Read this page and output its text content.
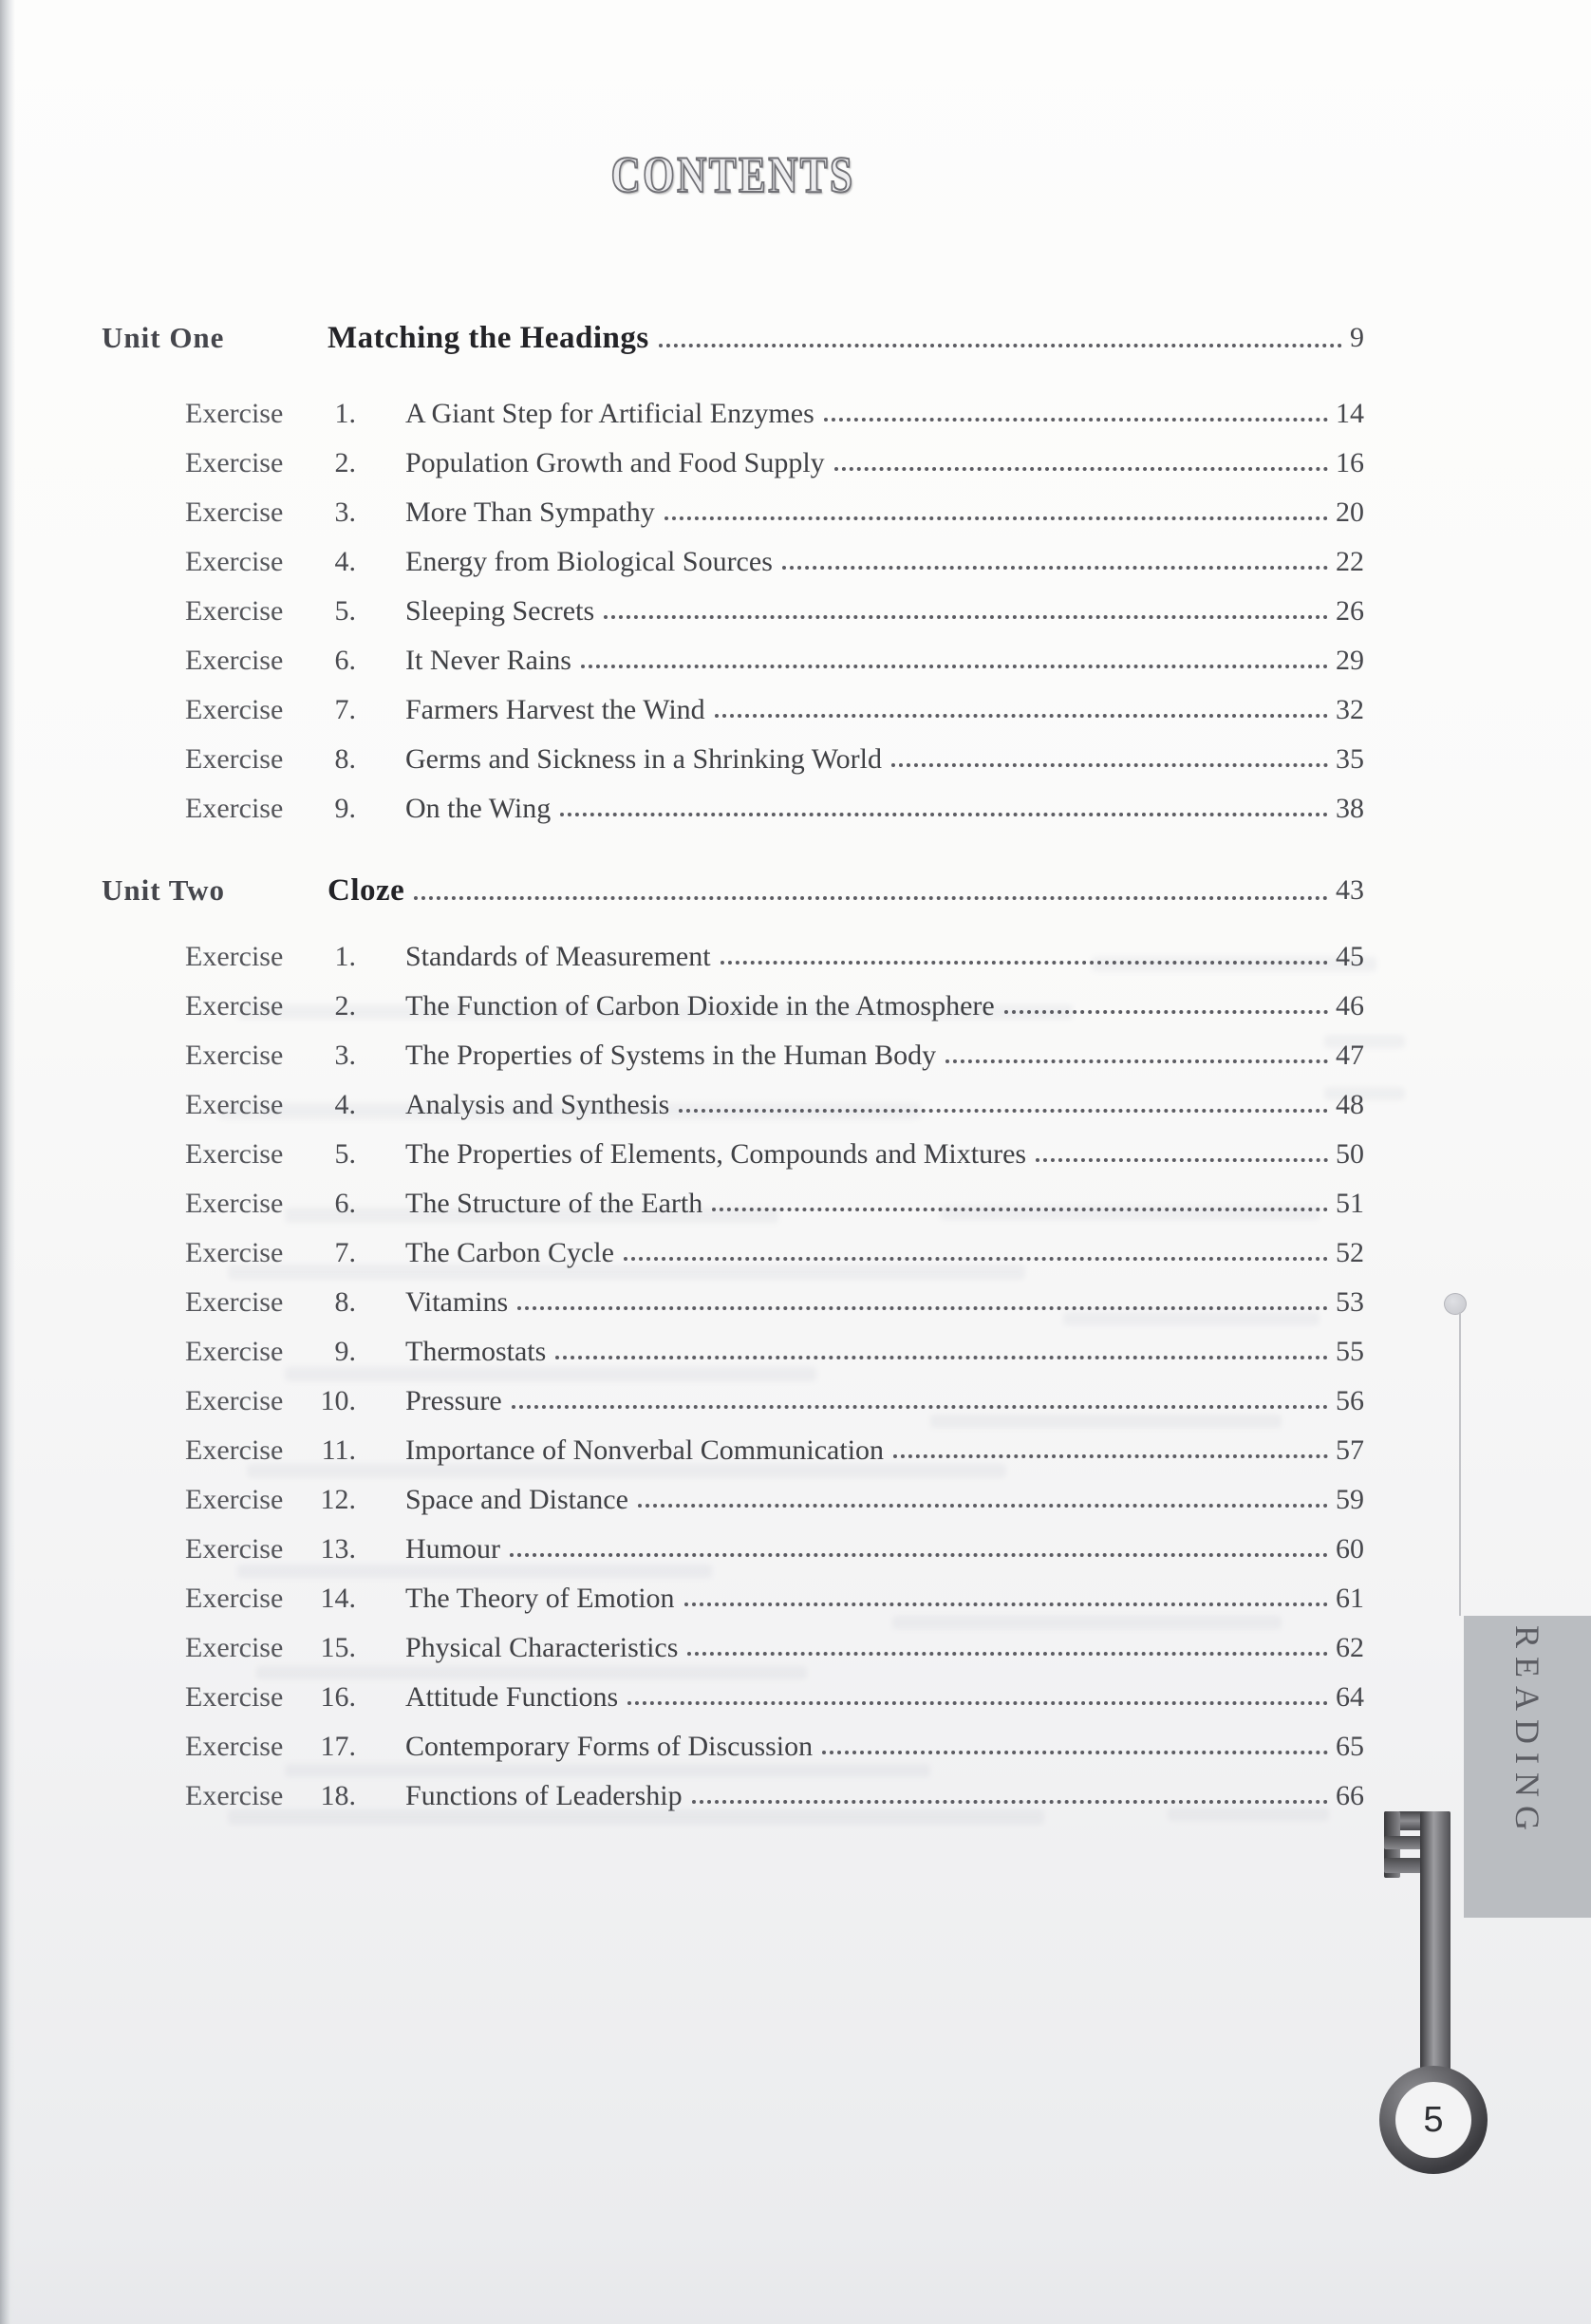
CONTENTS
Unit One	Matching the Headings	9
Exercise	1. A Giant Step for Artificial Enzymes	14
Exercise	2. Population Growth and Food Supply	16
Exercise	3. More Than Sympathy	20
Exercise	4. Energy from Biological Sources	22
Exercise	5. Sleeping Secrets	26
Exercise	6. It Never Rains	29
Exercise	7. Farmers Harvest the Wind	32
Exercise	8. Germs and Sickness in a Shrinking World	35
Exercise	9. On the Wing	38
Unit Two	Cloze	43
Exercise	1. Standards of Measurement	45
Exercise	2. The Function of Carbon Dioxide in the Atmosphere	46
Exercise	3. The Properties of Systems in the Human Body	47
Exercise	4. Analysis and Synthesis	48
Exercise	5. The Properties of Elements, Compounds and Mixtures	50
Exercise	6. The Structure of the Earth	51
Exercise	7. The Carbon Cycle	52
Exercise	8. Vitamins	53
Exercise	9. Thermostats	55
Exercise	10. Pressure	56
Exercise	11. Importance of Nonverbal Communication	57
Exercise	12. Space and Distance	59
Exercise	13. Humour	60
Exercise	14. The Theory of Emotion	61
Exercise	15. Physical Characteristics	62
Exercise	16. Attitude Functions	64
Exercise	17. Contemporary Forms of Discussion	65
Exercise	18. Functions of Leadership	66	READING
5
